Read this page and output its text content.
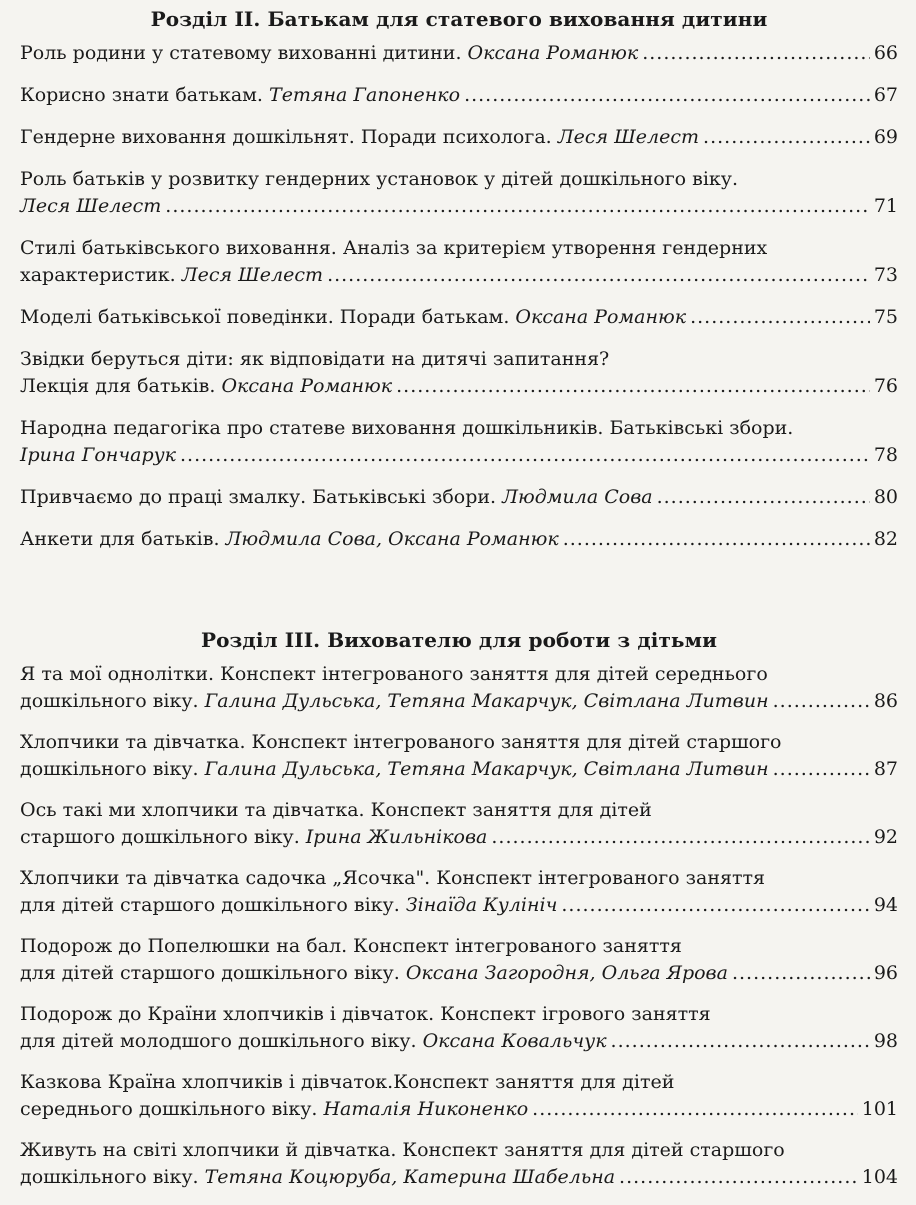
Розділ II. Батькам для статевого виховання дитини
Роль родини у статевому вихованні дитини. Оксана Романюк .....	66
Корисно знати батькам. Тетяна Гапоненко .....	67
Гендерне виховання дошкільнят. Поради психолога. Леся Шелест .....	69
Роль батьків у розвитку гендерних установок у дітей дошкільного віку.
Леся Шелест .....	71
Стилі батьківського виховання. Аналіз за критерієм утворення гендерних
характеристик. Леся Шелест .....	73
Моделі батьківської поведінки. Поради батькам. Оксана Романюк .....	75
Звідки беруться діти: як відповідати на дитячі запитання?
Лекція для батьків. Оксана Романюк .....	76
Народна педагогіка про статеве виховання дошкільників. Батьківські збори.
Ірина Гончарук .....	78
Привчаємо до праці змалку. Батьківські збори. Людмила Сова .....	80
Анкети для батьків. Людмила Сова, Оксана Романюк .....	82
Розділ III. Вихователю для роботи з дітьми
Я та мої однолітки. Конспект інтегрованого заняття для дітей середнього
дошкільного віку. Галина Дульська, Тетяна Макарчук, Світлана Литвин .....	86
Хлопчики та дівчатка. Конспект інтегрованого заняття для дітей старшого
дошкільного віку. Галина Дульська, Тетяна Макарчук, Світлана Литвин .....	87
Ось такі ми хлопчики та дівчатка. Конспект заняття для дітей
старшого дошкільного віку. Ірина Жильнікова .....	92
Хлопчики та дівчатка садочка „Ясочка". Конспект інтегрованого заняття
для дітей старшого дошкільного віку. Зінаїда Кулініч .....	94
Подорож до Попелюшки на бал. Конспект інтегрованого заняття
для дітей старшого дошкільного віку. Оксана Загородня, Ольга Ярова .....	96
Подорож до Країни хлопчиків і дівчаток. Конспект ігрового заняття
для дітей молодшого дошкільного віку. Оксана Ковальчук .....	98
Казкова Країна хлопчиків і дівчаток.Конспект заняття для дітей
середнього дошкільного віку. Наталія Никоненко .....	101
Живуть на світі хлопчики й дівчатка. Конспект заняття для дітей старшого
дошкільного віку. Тетяна Коцюруба, Катерина Шабельна .....	104
